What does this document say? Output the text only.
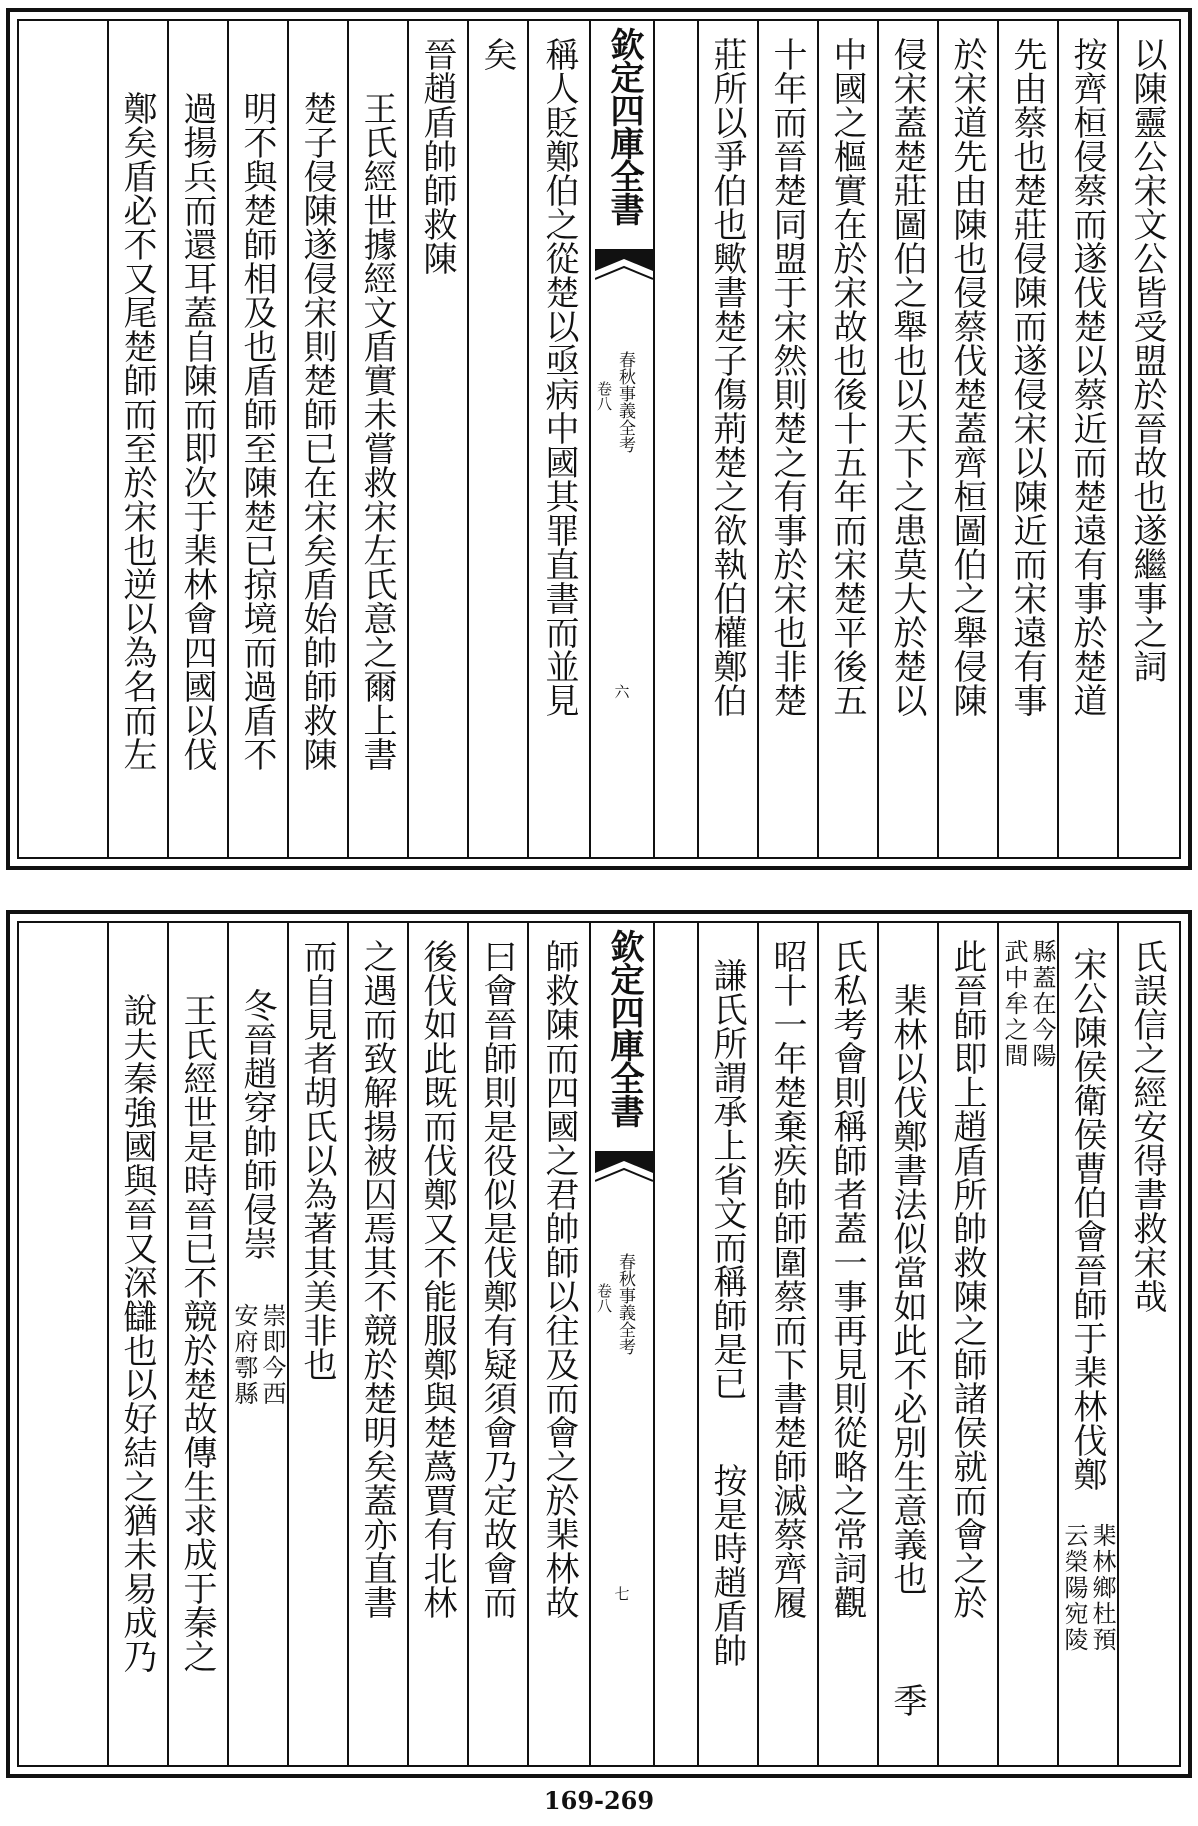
以陳靈公宋文公皆受盟於晉故也遂繼事之詞
按齊桓侵蔡而遂伐楚以蔡近而楚遠有事於楚道
先由蔡也楚莊侵陳而遂侵宋以陳近而宋遠有事
於宋道先由陳也侵蔡伐楚蓋齊桓圖伯之舉侵陳
侵宋蓋楚莊圖伯之舉也以天下之患莫大於楚以
中國之樞實在於宋故也後十五年而宋楚平後五
十年而晉楚同盟于宋然則楚之有事於宋也非楚
莊所以爭伯也歟書楚子傷荊楚之欲執伯權鄭伯
欽定四庫全書
春秋事義全考
卷八
六
稱人貶鄭伯之從楚以亟病中國其罪直書而並見
矣
晉趙盾帥師救陳
王氏經世據經文盾實未嘗救宋左氏意之爾上書
楚子侵陳遂侵宋則楚師已在宋矣盾始帥師救陳
明不與楚師相及也盾師至陳楚已掠境而過盾不
過揚兵而還耳蓋自陳而即次于棐林會四國以伐
鄭矣盾必不又尾楚師而至於宋也逆以為名而左
氏誤信之經安得書救宋哉
宋公陳侯衛侯曹伯會晉師于棐林伐鄭
棐林鄉杜預
云榮陽宛陵
縣蓋在今陽
武中牟之間
此晉師即上趙盾所帥救陳之師諸侯就而會之於
棐林以伐鄭書法似當如此不必別生意義也
季
氏私考會則稱師者蓋一事再見則從略之常詞觀
昭十一年楚棄疾帥師圍蔡而下書楚師滅蔡齊履
謙氏所謂承上省文而稱師是已
按是時趙盾帥
欽定四庫全書
春秋事義全考
卷八
七
師救陳而四國之君帥師以往及而會之於棐林故
曰會晉師則是役似是伐鄭有疑須會乃定故會而
後伐如此既而伐鄭又不能服鄭與楚蔿賈有北林
之遇而致解揚被囚焉其不競於楚明矣蓋亦直書
而自見者胡氏以為著其美非也
冬晉趙穿帥師侵崇
崇即今西
安府鄠縣
王氏經世是時晉已不競於楚故傳生求成于秦之
說夫秦強國與晉又深讎也以好結之猶未易成乃
169-269
